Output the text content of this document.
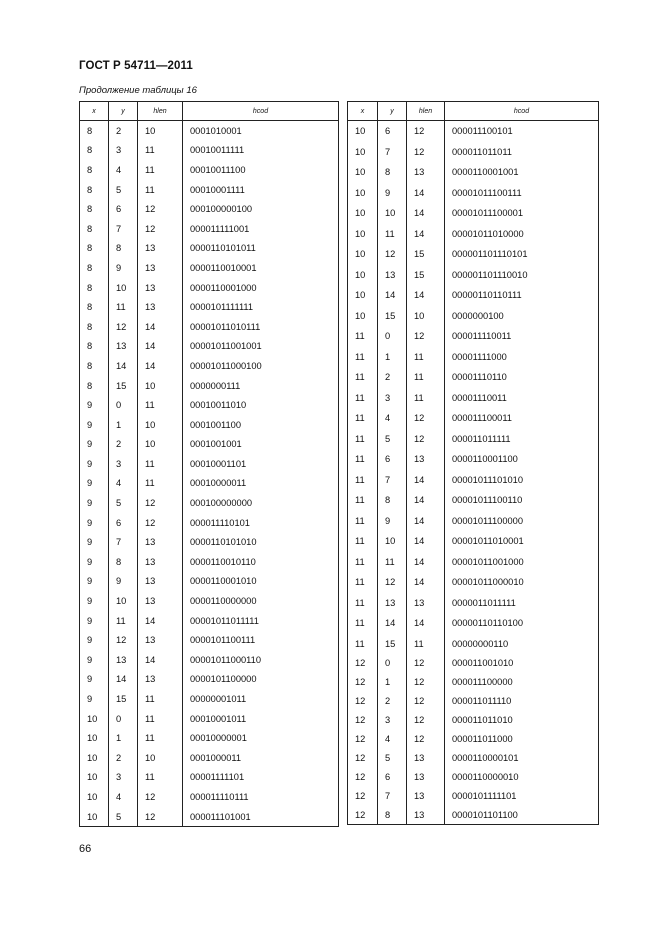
ГОСТ Р 54711—2011
Продолжение таблицы 16
x	y	hlen	hcod
8	2	10	0001010001
8	3	11	00010011111
8	4	11	00010011100
8	5	11	00010001111
8	6	12	000100000100
8	7	12	000011111001
8	8	13	0000110101011
8	9	13	0000110010001
8	10	13	0000110001000
8	11	13	0000101111111
8	12	14	00001011010111
8	13	14	00001011001001
8	14	14	00001011000100
8	15	10	0000000111
9	0	11	00010011010
9	1	10	0001001100
9	2	10	0001001001
9	3	11	00010001101
9	4	11	00010000011
9	5	12	000100000000
9	6	12	000011110101
9	7	13	0000110101010
9	8	13	0000110010110
9	9	13	0000110001010
9	10	13	0000110000000
9	11	14	00001011011111
9	12	13	0000101100111
9	13	14	00001011000110
9	14	13	0000101100000
9	15	11	00000001011
10	0	11	00010001011
10	1	11	00010000001
10	2	10	0001000011
10	3	11	00001111101
10	4	12	000011110111
10	5	12	000011101001
x	y	hlen	hcod
10	6	12	000011100101
10	7	12	000011011011
10	8	13	0000110001001
10	9	14	00001011100111
10	10	14	00001011100001
10	11	14	00001011010000
10	12	15	000001101110101
10	13	15	000001101110010
10	14	14	00000110110111
10	15	10	0000000100
11	0	12	000011110011
11	1	11	00001111000
11	2	11	00001110110
11	3	11	00001110011
11	4	12	000011100011
11	5	12	000011011111
11	6	13	0000110001100
11	7	14	00001011101010
11	8	14	00001011100110
11	9	14	00001011100000
11	10	14	00001011010001
11	11	14	00001011001000
11	12	14	00001011000010
11	13	13	0000011011111
11	14	14	00000110110100
11	15	11	00000000110
12	0	12	000011001010
12	1	12	000011100000
12	2	12	000011011110
12	3	12	000011011010
12	4	12	000011011000
12	5	13	0000110000101
12	6	13	0000110000010
12	7	13	0000101111101
12	8	13	0000101101100
66
